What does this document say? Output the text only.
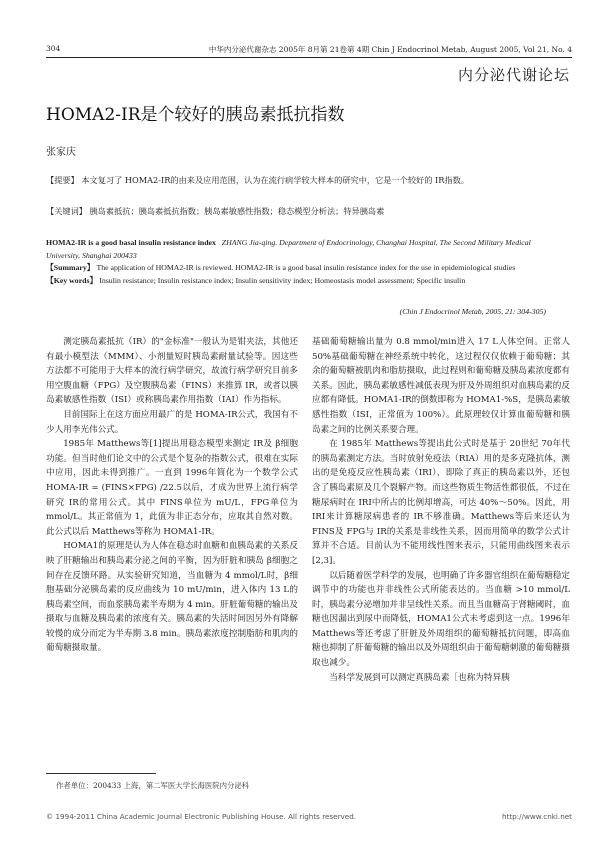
304	中华内分泌代谢杂志 2005年 8月第 21卷第 4期 Chin J Endocrinol Metab, August 2005, Vol 21, No. 4
内分泌代谢论坛
HOMA2-IR是个较好的胰岛素抵抗指数
张家庆
【提要】 本文复习了 HOMA2-IR的由来及应用范围，认为在流行病学较大样本的研究中，它是一个较好的 IR指数。
【关键词】 胰岛素抵抗；胰岛素抵抗指数；胰岛素敏感性指数；稳态模型分析法；特异胰岛素
HOMA2-IR is a good basal insulin resistance index ZHANG Jia-qing. Department of Endocrinology, Changhai Hospital, The Second Military Medical University, Shanghai 200433
【Summary】 The application of HOMA2-IR is reviewed. HOMA2-IR is a good basal insulin resistance index for the use in epidemiological studies
【Key words】 Insulin resistance; Insulin resistance index; Insulin sensitivity index; Homeostasis model assessment; Specific insulin
(Chin J Endocrinol Metab, 2005, 21: 304-305)

测定胰岛素抵抗（IR）的"金标准"一般认为是钳夹法，其他还有最小模型法（MMM）、小剂量短时胰岛素耐量试验等。因这些方法都不可能用于大样本的流行病学研究，故流行病学研究目前多用空腹血糖（FPG）及空腹胰岛素（FINS）来推算 IR，或者以胰岛素敏感性指数（ISI）或称胰岛素作用指数（IAI）作为指标。

目前国际上在这方面应用最广的是 HOMA-IR公式，我国有不少人用李光伟公式。

1985年 Matthews等[1]提出用稳态模型来测定 IR及 β细胞功能。但当时他们论文中的公式是个复杂的指数公式，很难在实际中应用，因此未得到推广。一直到 1996年简化为一个数学公式 HOMA-IR = (FINS×FPG) /22.5以后，才成为世界上流行病学研究 IR的常用公式。其中 FINS单位为 mU/L，FPG单位为 mmol/L。其正常值为 1，此值为非正态分布，应取其自然对数。此公式以后 Matthews等称为 HOMA1-IR。

HOMA1的原理是认为人体在稳态时血糖和血胰岛素的关系反映了肝糖输出和胰岛素分泌之间的平衡，因为肝脏和胰岛 β细胞之间存在反馈环路。从实验研究知道，当血糖为 4 mmol/L时，β细胞基础分泌胰岛素的反应曲线为 10 mU/min，进入体内 13 L的胰岛素空间，而血浆胰岛素半寿期为 4 min。肝脏葡萄糖的输出及摄取与血糖及胰岛素的浓度有关。胰岛素的失活时间因另外有降解较慢的成分而定为半寿期 3.8 min。胰岛素浓度控制脂肪和肌肉的葡萄糖摄取量。

基础葡萄糖输出量为 0.8 mmol/min进入 17 L人体空间。正常人 50%基础葡萄糖在神经系统中转化，这过程仅仅依赖于葡萄糖；其余的葡萄糖被肌肉和脂肪摄取，此过程则和葡萄糖及胰岛素浓度都有关系。因此，胰岛素敏感性减低表现为肝及外周组织对血胰岛素的反应都有降低。HOMA1-IR的倒数即称为 HOMA1-%S，是胰岛素敏感性指数（ISI，正常值为 100%）。此原理较仅计算血葡萄糖和胰岛素之间的比例关系要合理。

在 1985年 Matthews等提出此公式时是基于 20世纪 70年代的胰岛素测定方法。当时放射免疫法（RIA）用的是多克隆抗体，测出的是免疫反应性胰岛素（IRI），即除了真正的胰岛素以外，还包含了胰岛素原及几个裂解产物。而这些物质生物活性都很低，不过在糖尿病时在 IRI中所占的比例却增高，可达 40%～50%。因此，用 IRI来计算糖尿病患者的 IR不够准确。Matthews等后来还认为 FINS及 FPG与 IR的关系是非线性关系，因而用简单的数学公式计算并不合适。目前认为不能用线性图来表示，只能用曲线图来表示[2,3]。

以后随着医学科学的发展，也明确了许多器官组织在葡萄糖稳定调节中的功能也并非线性公式所能表达的。当血糖 >10 mmol/L时，胰岛素分泌增加并非呈线性关系。而且当血糖高于肾糖阈时，血糖也因漏出到尿中而降低，HOMA1公式未考虑到这一点。1996年 Matthews等还考虑了肝脏及外周组织的葡萄糖抵抗问题，即高血糖也抑制了肝葡萄糖的输出以及外周组织由于葡萄糖刺激的葡萄糖摄取也减少。

当科学发展到可以测定真胰岛素［也称为特异胰

作者单位：200433 上海，第二军医大学长海医院内分泌科
© 1994-2011 China Academic Journal Electronic Publishing House. All rights reserved.	http://www.cnki.net
